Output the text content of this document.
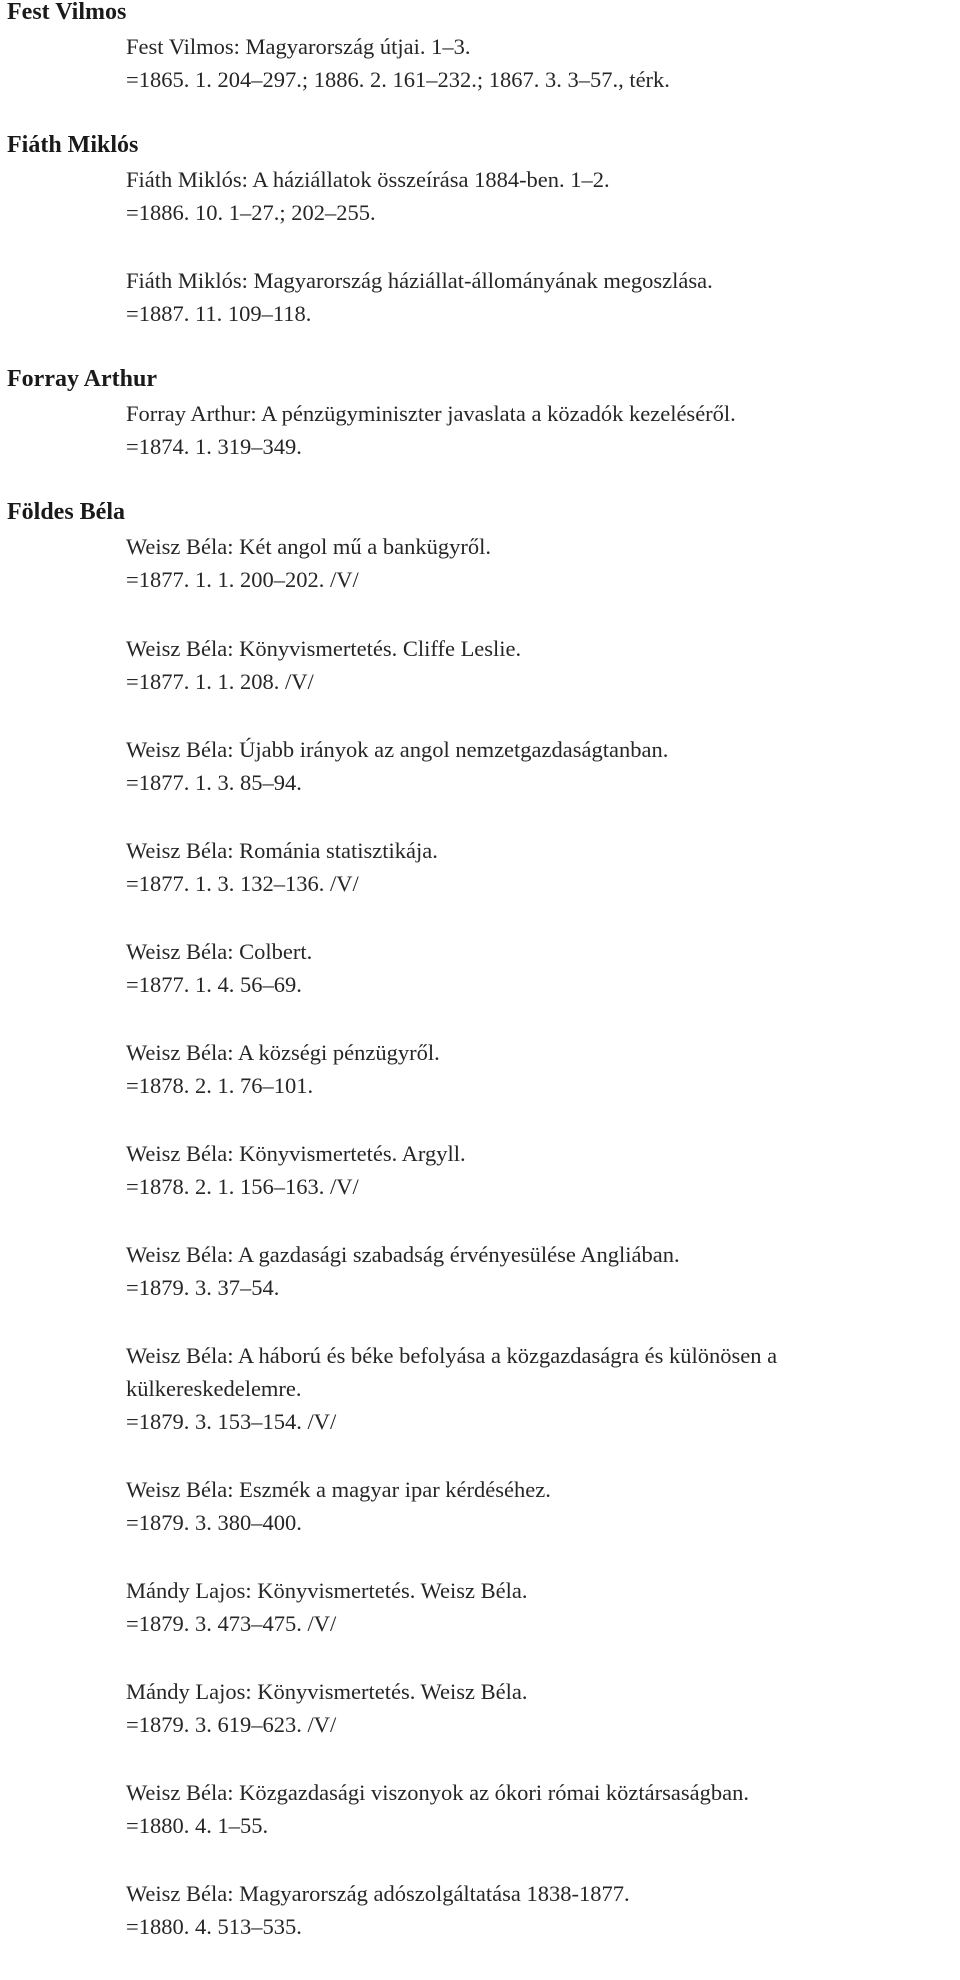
Fest Vilmos
Fest Vilmos: Magyarország útjai. 1–3.
=1865. 1. 204–297.; 1886. 2. 161–232.; 1867. 3. 3–57., térk.
Fiáth Miklós
Fiáth Miklós: A háziállatok összeírása 1884-ben. 1–2.
=1886. 10. 1–27.; 202–255.
Fiáth Miklós: Magyarország háziállat-állományának megoszlása.
=1887. 11. 109–118.
Forray Arthur
Forray Arthur: A pénzügyminiszter javaslata a közadók kezeléséről.
=1874. 1. 319–349.
Földes Béla
Weisz Béla: Két angol mű a bankügyről.
=1877. 1. 1. 200–202. /V/
Weisz Béla: Könyvismertetés. Cliffe Leslie.
=1877. 1. 1. 208. /V/
Weisz Béla: Újabb irányok az angol nemzetgazdaságtanban.
=1877. 1. 3. 85–94.
Weisz Béla: Románia statisztikája.
=1877. 1. 3. 132–136. /V/
Weisz Béla: Colbert.
=1877. 1. 4. 56–69.
Weisz Béla: A községi pénzügyről.
=1878. 2. 1. 76–101.
Weisz Béla: Könyvismertetés. Argyll.
=1878. 2. 1. 156–163. /V/
Weisz Béla: A gazdasági szabadság érvényesülése Angliában.
=1879. 3. 37–54.
Weisz Béla: A háború és béke befolyása a közgazdaságra és különösen a
külkereskedelemre.
=1879. 3. 153–154. /V/
Weisz Béla: Eszmék a magyar ipar kérdéséhez.
=1879. 3. 380–400.
Mándy Lajos: Könyvismertetés. Weisz Béla.
=1879. 3. 473–475. /V/
Mándy Lajos: Könyvismertetés. Weisz Béla.
=1879. 3. 619–623. /V/
Weisz Béla: Közgazdasági viszonyok az ókori római köztársaságban.
=1880. 4. 1–55.
Weisz Béla: Magyarország adószolgáltatása 1838-1877.
=1880. 4. 513–535.
